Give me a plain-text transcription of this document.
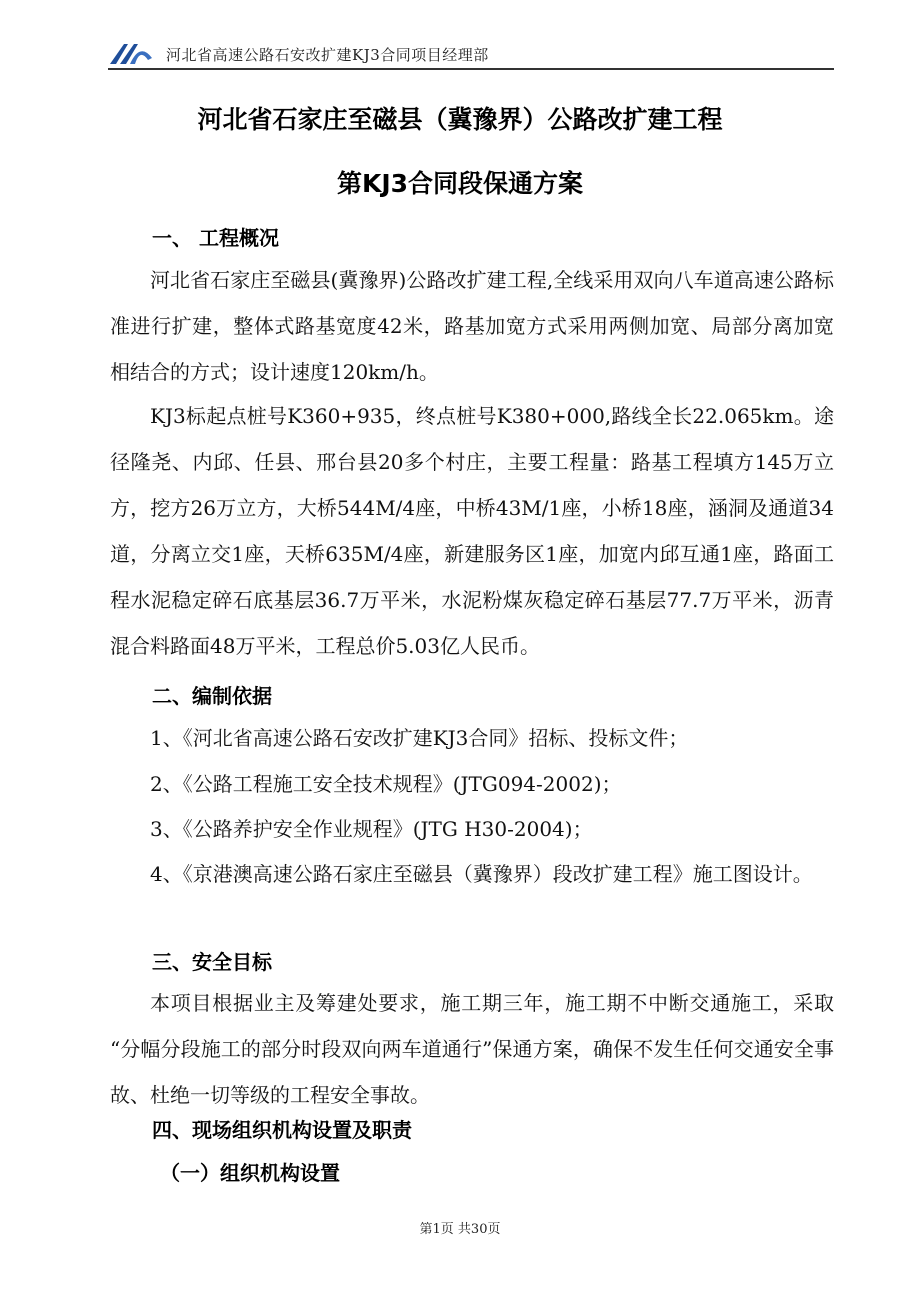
河北省高速公路石安改扩建KJ3合同项目经理部
河北省石家庄至磁县（冀豫界）公路改扩建工程
第KJ3合同段保通方案
一、 工程概况
河北省石家庄至磁县(冀豫界)公路改扩建工程,全线采用双向八车道高速公路标准进行扩建，整体式路基宽度42米，路基加宽方式采用两侧加宽、局部分离加宽相结合的方式；设计速度120km/h。
KJ3标起点桩号K360+935，终点桩号K380+000,路线全长22.065km。途径隆尧、内邱、任县、邢台县20多个村庄，主要工程量：路基工程填方145万立方，挖方26万立方，大桥544M/4座，中桥43M/1座，小桥18座，涵洞及通道34道，分离立交1座，天桥635M/4座，新建服务区1座，加宽内邱互通1座，路面工程水泥稳定碎石底基层36.7万平米，水泥粉煤灰稳定碎石基层77.7万平米，沥青混合料路面48万平米，工程总价5.03亿人民币。
二、编制依据
1、《河北省高速公路石安改扩建KJ3合同》招标、投标文件；
2、《公路工程施工安全技术规程》(JTG094-2002)；
3、《公路养护安全作业规程》(JTG H30-2004)；
4、《京港澳高速公路石家庄至磁县（冀豫界）段改扩建工程》施工图设计。
三、安全目标
本项目根据业主及筹建处要求，施工期三年，施工期不中断交通施工，采取 “分幅分段施工的部分时段双向两车道通行”保通方案，确保不发生任何交通安全事故、杜绝一切等级的工程安全事故。
四、现场组织机构设置及职责
（一）组织机构设置
第1页 共30页
